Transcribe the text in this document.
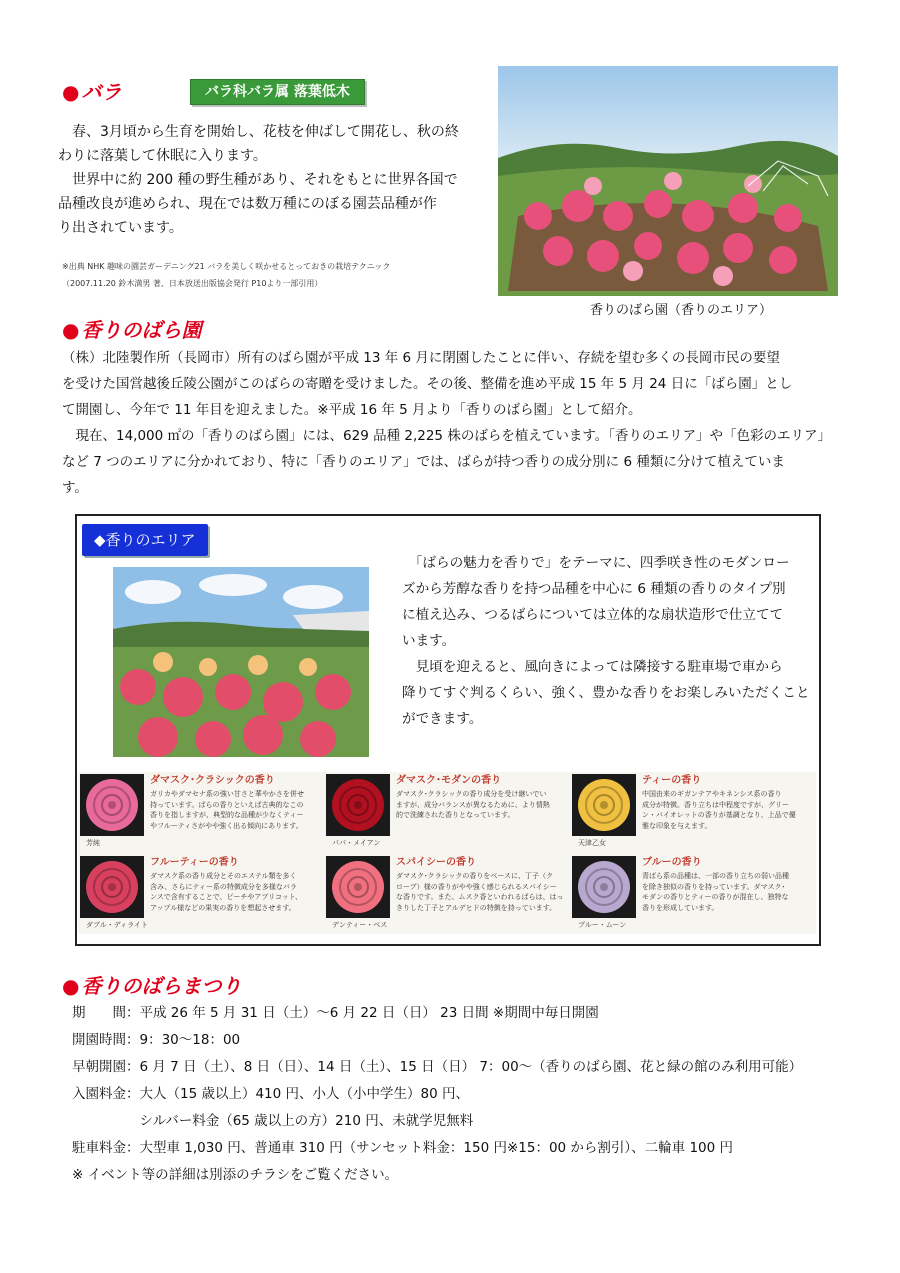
● バラ	バラ科バラ属 落葉低木
　春、3月頃から生育を開始し、花枝を伸ばして開花し、秋の終
わりに落葉して休眠に入ります。
　世界中に約 200 種の野生種があり、それをもとに世界各国で
品種改良が進められ、現在では数万種にのぼる園芸品種が作
り出されています。
※出典 NHK 趣味の園芸ガーデニング21 バラを美しく咲かせるとっておきの栽培テクニック
（2007.11.20 鈴木満男 著、日本放送出版協会発行 P10より一部引用）
香りのばら園（香りのエリア）
● 香りのばら園
（株）北陸製作所（長岡市）所有のばら園が平成 13 年 6 月に閉園したことに伴い、存続を望む多くの長岡市民の要望
を受けた国営越後丘陵公園がこのばらの寄贈を受けました。その後、整備を進め平成 15 年 5 月 24 日に「ばら園」とし
て開園し、今年で 11 年目を迎えました。※平成 16 年 5 月より「香りのばら園」として紹介。
　現在、14,000 ㎡の「香りのばら園」には、629 品種 2,225 株のばらを植えています。「香りのエリア」や「色彩のエリア」
など 7 つのエリアに分かれており、特に「香りのエリア」では、ばらが持つ香りの成分別に 6 種類に分けて植えていま
す。
◆香りのエリア
　「ばらの魅力を香りで」をテーマに、四季咲き性のモダンロー
ズから芳醇な香りを持つ品種を中心に 6 種類の香りのタイプ別
に植え込み、つるばらについては立体的な扇状造形で仕立てて
います。
　見頃を迎えると、風向きによっては隣接する駐車場で車から
降りてすぐ判るくらい、強く、豊かな香りをお楽しみいただくこと
ができます。
芳純
ダマスク･クラシックの香り
ガリカやダマセナ系の強い甘さと華やかさを併せ
持っています。ばらの香りといえば古典的なこの
香りを指しますが、典型的な品種が少なくティー
やフルーティさがやや強く出る傾向にあります。
パパ・メイアン
ダマスク･モダンの香り
ダマスク･クラシックの香り成分を受け継いでい
ますが、成分バランスが異なるために、より情熱
的で洗練された香りとなっています。
天津乙女
ティーの香り
中国由来のギガンテアやキネンシス系の香り
成分が特徴。香り立ちは中程度ですが、グリー
ン・バイオレットの香りが基調となり、上品で優
雅な印象を与えます。
ダブル・ディライト
フルーティーの香り
ダマスク系の香り成分とそのエステル類を多く
含み、さらにティー系の特徴成分を多様なバラ
ンスで含有することで、ピーチやアプリコット、
アップル様などの果実の香りを想起させます。
デンティー・ベス
スパイシーの香り
ダマスク･クラシックの香りをベースに、丁子（ク
ローブ）様の香りがやや強く感じられるスパイシー
な香りです。また、ムスク香といわれるばらは、はっ
きりした丁子とアルデヒドの特徴を持っています。
ブルー・ムーン
ブルーの香り
青ばら系の品種は、一部の香り立ちの弱い品種
を除き独似の香りを持っています。ダマスク･
モダンの香りとティーの香りが混在し、独特な
香りを形成しています。
● 香りのばらまつり
期　　間：平成 26 年 5 月 31 日（土）～6 月 22 日（日） 23 日間 ※期間中毎日開園
開園時間：9：30～18：00
早朝開園：6 月 7 日（土）、8 日（日）、14 日（土）、15 日（日） 7：00～（香りのばら園、花と緑の館のみ利用可能）
入園料金：大人（15 歳以上）410 円、小人（小中学生）80 円、
　　　　　シルバー料金（65 歳以上の方）210 円、未就学児無料
駐車料金：大型車 1,030 円、普通車 310 円（サンセット料金：150 円※15：00 から割引）、二輪車 100 円
※ イベント等の詳細は別添のチラシをご覧ください。
